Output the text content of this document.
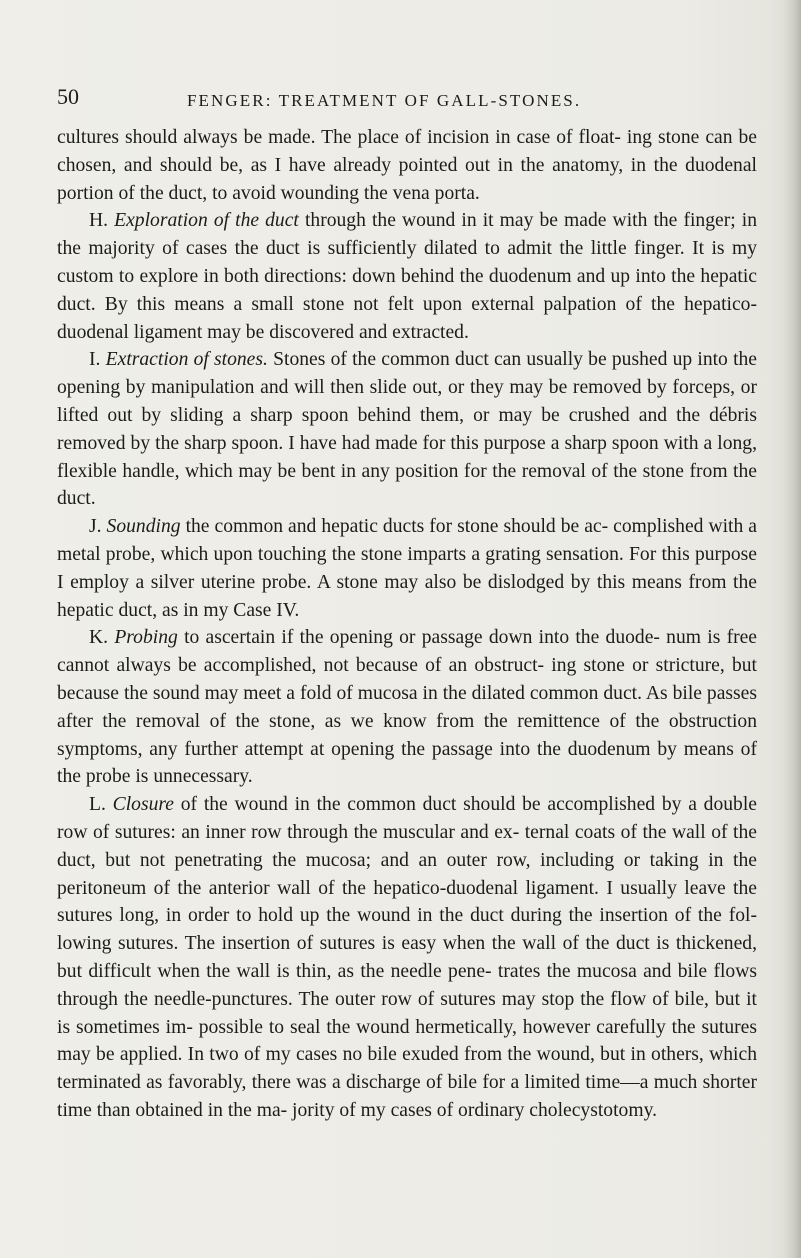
50	FENGER: TREATMENT OF GALL-STONES.

cultures should always be made. The place of incision in case of float- ing stone can be chosen, and should be, as I have already pointed out in the anatomy, in the duodenal portion of the duct, to avoid wounding the vena porta.

H. Exploration of the duct through the wound in it may be made with the finger; in the majority of cases the duct is sufficiently dilated to admit the little finger. It is my custom to explore in both directions: down behind the duodenum and up into the hepatic duct. By this means a small stone not felt upon external palpation of the hepatico- duodenal ligament may be discovered and extracted.

I. Extraction of stones. Stones of the common duct can usually be pushed up into the opening by manipulation and will then slide out, or they may be removed by forceps, or lifted out by sliding a sharp spoon behind them, or may be crushed and the débris removed by the sharp spoon. I have had made for this purpose a sharp spoon with a long, flexible handle, which may be bent in any position for the removal of the stone from the duct.

J. Sounding the common and hepatic ducts for stone should be ac- complished with a metal probe, which upon touching the stone imparts a grating sensation. For this purpose I employ a silver uterine probe. A stone may also be dislodged by this means from the hepatic duct, as in my Case IV.

K. Probing to ascertain if the opening or passage down into the duode- num is free cannot always be accomplished, not because of an obstruct- ing stone or stricture, but because the sound may meet a fold of mucosa in the dilated common duct. As bile passes after the removal of the stone, as we know from the remittence of the obstruction symptoms, any further attempt at opening the passage into the duodenum by means of the probe is unnecessary.

L. Closure of the wound in the common duct should be accomplished by a double row of sutures: an inner row through the muscular and ex- ternal coats of the wall of the duct, but not penetrating the mucosa; and an outer row, including or taking in the peritoneum of the anterior wall of the hepatico-duodenal ligament. I usually leave the sutures long, in order to hold up the wound in the duct during the insertion of the fol- lowing sutures. The insertion of sutures is easy when the wall of the duct is thickened, but difficult when the wall is thin, as the needle pene- trates the mucosa and bile flows through the needle-punctures. The outer row of sutures may stop the flow of bile, but it is sometimes im- possible to seal the wound hermetically, however carefully the sutures may be applied. In two of my cases no bile exuded from the wound, but in others, which terminated as favorably, there was a discharge of bile for a limited time—a much shorter time than obtained in the ma- jority of my cases of ordinary cholecystotomy.
